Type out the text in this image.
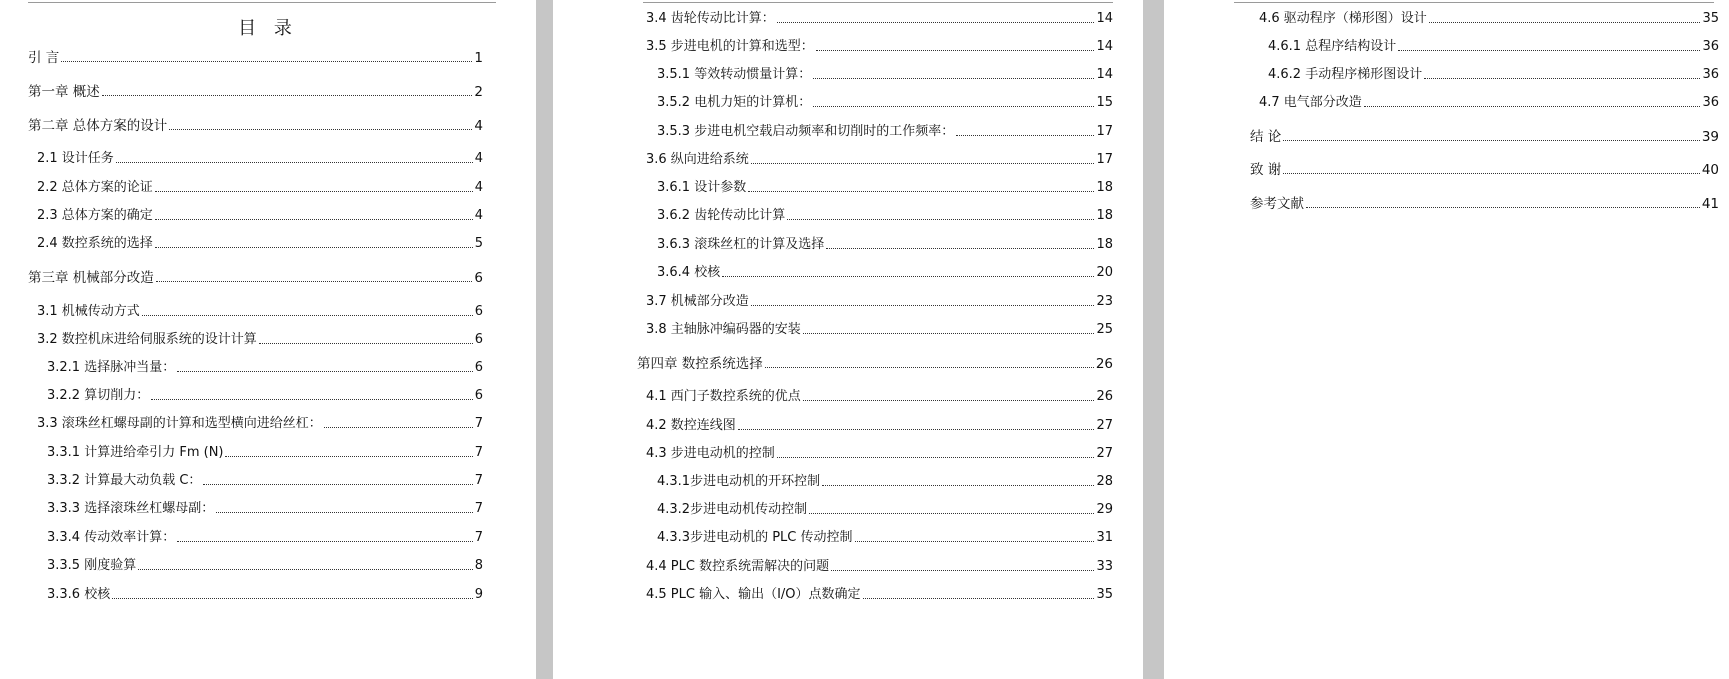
目 录
引 言	1
第一章 概述	2
第二章 总体方案的设计	4
2.1 设计任务	4
2.2 总体方案的论证	4
2.3 总体方案的确定	4
2.4 数控系统的选择	5
第三章 机械部分改造	6
3.1 机械传动方式	6
3.2 数控机床进给伺服系统的设计计算	6
3.2.1 选择脉冲当量：	6
3.2.2 算切削力：	6
3.3 滚珠丝杠螺母副的计算和选型横向进给丝杠：	7
3.3.1 计算进给牵引力 Fm (N)	7
3.3.2 计算最大动负载 C：	7
3.3.3 选择滚珠丝杠螺母副：	7
3.3.4 传动效率计算：	7
3.3.5 刚度验算	8
3.3.6 校核	9
3.4 齿轮传动比计算：	14
3.5 步进电机的计算和选型：	14
3.5.1 等效转动惯量计算：	14
3.5.2 电机力矩的计算机：	15
3.5.3 步进电机空载启动频率和切削时的工作频率：	17
3.6 纵向进给系统	17
3.6.1 设计参数	18
3.6.2 齿轮传动比计算	18
3.6.3 滚珠丝杠的计算及选择	18
3.6.4 校核	20
3.7 机械部分改造	23
3.8 主轴脉冲编码器的安装	25
第四章 数控系统选择	26
4.1 西门子数控系统的优点	26
4.2 数控连线图	27
4.3 步进电动机的控制	27
4.3.1步进电动机的开环控制	28
4.3.2步进电动机传动控制	29
4.3.3步进电动机的 PLC 传动控制	31
4.4 PLC 数控系统需解决的问题	33
4.5 PLC 输入、输出（I/O）点数确定	35
4.6 驱动程序（梯形图）设计	35
4.6.1 总程序结构设计	36
4.6.2 手动程序梯形图设计	36
4.7 电气部分改造	36
结 论	39
致 谢	40
参考文献	41
